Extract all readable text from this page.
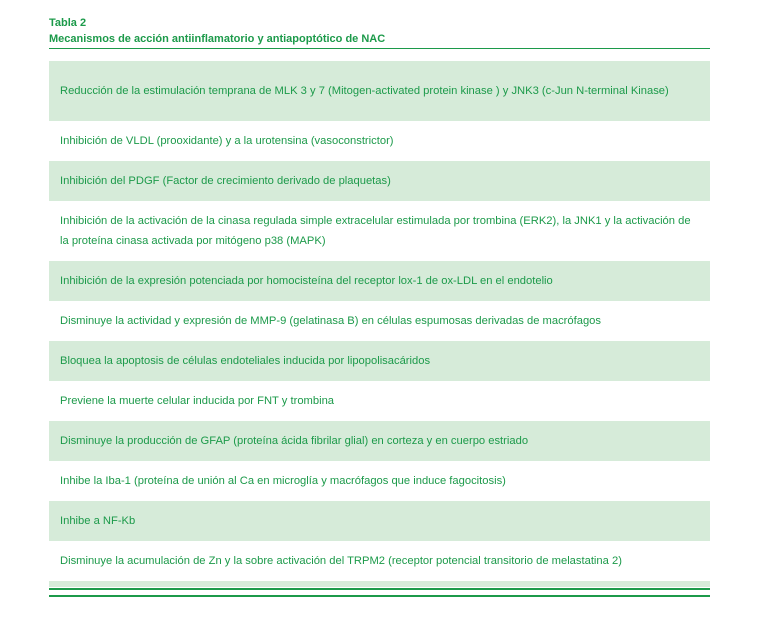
Tabla 2
Mecanismos de acción antiinflamatorio y antiapoptótico de NAC
Reducción de la estimulación temprana de MLK 3 y 7 (Mitogen-activated protein kinase ) y JNK3 (c-Jun N-terminal Kinase)
Inhibición de VLDL (prooxidante) y a la urotensina (vasoconstrictor)
Inhibición del PDGF (Factor de crecimiento derivado de plaquetas)
Inhibición de la activación de la cinasa regulada simple extracelular estimulada por trombina (ERK2), la JNK1 y la activación de la proteína cinasa activada por mitógeno p38 (MAPK)
Inhibición de la expresión potenciada por homocisteína del receptor lox-1 de ox-LDL en el endotelio
Disminuye la actividad y expresión de MMP-9 (gelatinasa B) en células espumosas derivadas de macrófagos
Bloquea la apoptosis de células endoteliales inducida por lipopolisacáridos
Previene la muerte celular inducida por FNT y trombina
Disminuye la producción de GFAP (proteína ácida fibrilar glial) en corteza y en cuerpo estriado
Inhibe la Iba-1 (proteína de unión al Ca en microglía y macrófagos que induce fagocitosis)
Inhibe a NF-Kb
Disminuye la acumulación de Zn y la sobre activación del TRPM2 (receptor potencial transitorio de melastatina 2)
